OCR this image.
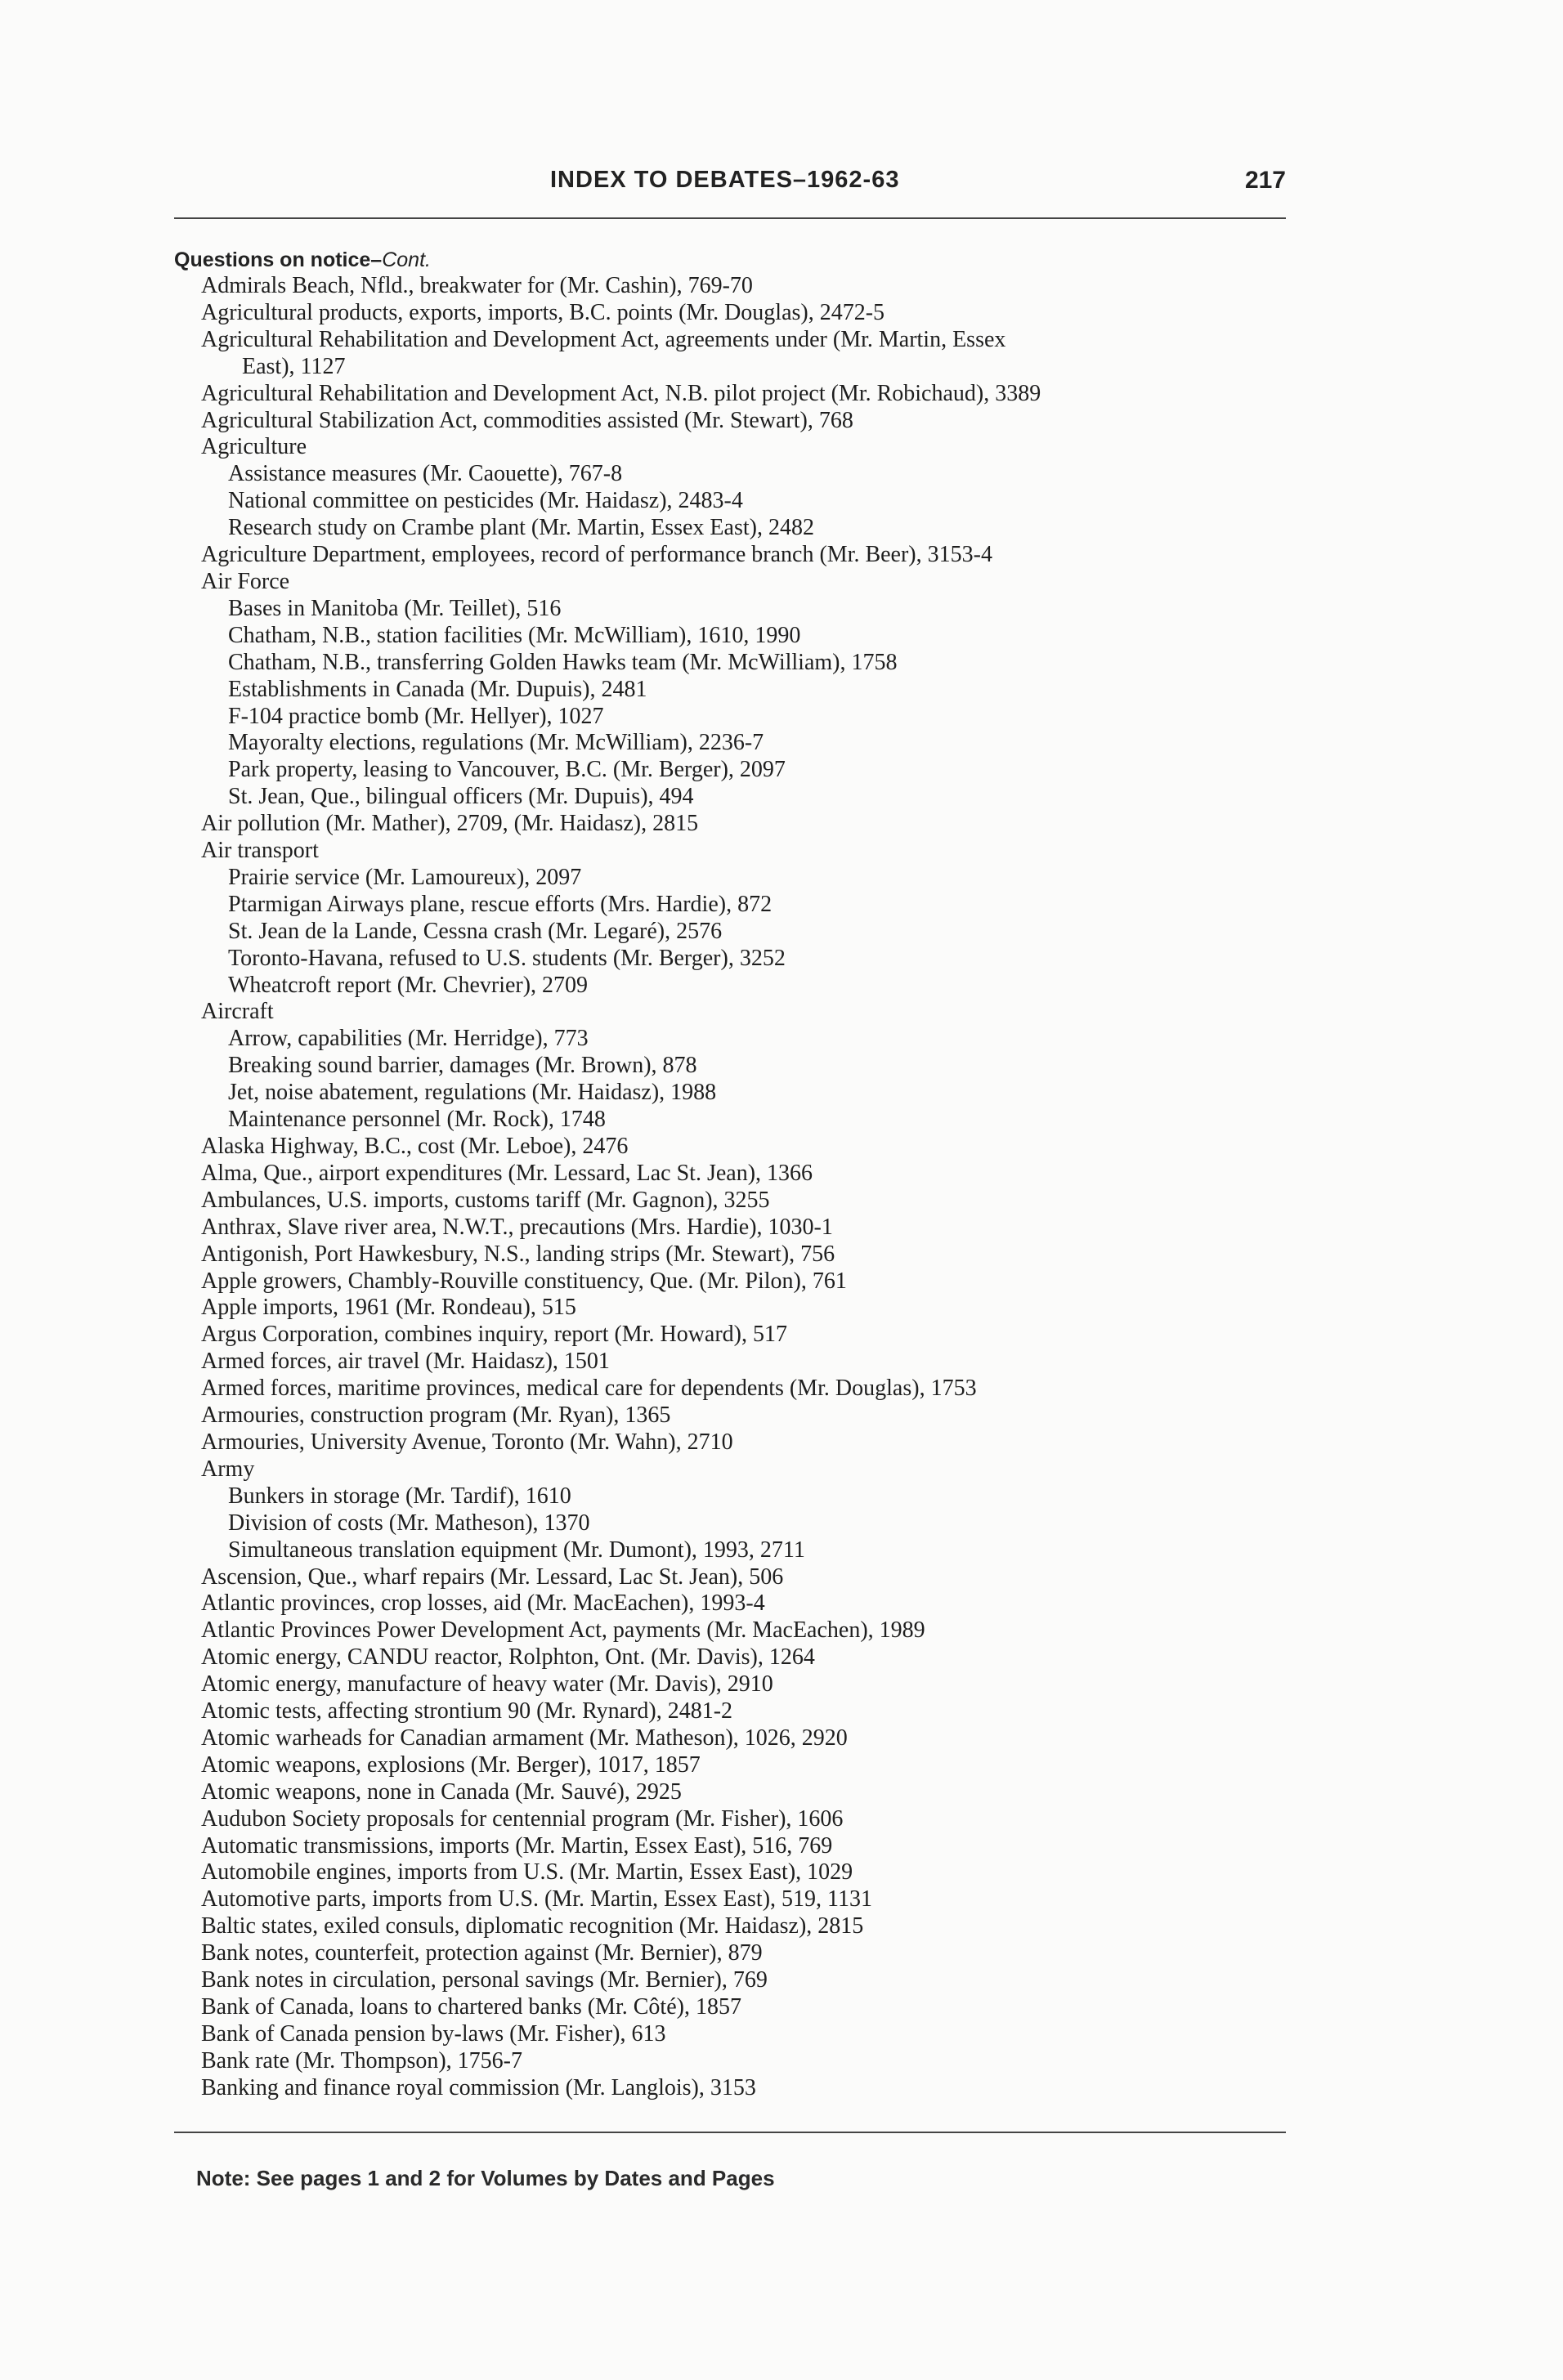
INDEX TO DEBATES–1962-63	217
Questions on notice–Cont.
Admirals Beach, Nfld., breakwater for (Mr. Cashin), 769-70
Agricultural products, exports, imports, B.C. points (Mr. Douglas), 2472-5
Agricultural Rehabilitation and Development Act, agreements under (Mr. Martin, Essex
East), 1127
Agricultural Rehabilitation and Development Act, N.B. pilot project (Mr. Robichaud), 3389
Agricultural Stabilization Act, commodities assisted (Mr. Stewart), 768
Agriculture
Assistance measures (Mr. Caouette), 767-8
National committee on pesticides (Mr. Haidasz), 2483-4
Research study on Crambe plant (Mr. Martin, Essex East), 2482
Agriculture Department, employees, record of performance branch (Mr. Beer), 3153-4
Air Force
Bases in Manitoba (Mr. Teillet), 516
Chatham, N.B., station facilities (Mr. McWilliam), 1610, 1990
Chatham, N.B., transferring Golden Hawks team (Mr. McWilliam), 1758
Establishments in Canada (Mr. Dupuis), 2481
F-104 practice bomb (Mr. Hellyer), 1027
Mayoralty elections, regulations (Mr. McWilliam), 2236-7
Park property, leasing to Vancouver, B.C. (Mr. Berger), 2097
St. Jean, Que., bilingual officers (Mr. Dupuis), 494
Air pollution (Mr. Mather), 2709, (Mr. Haidasz), 2815
Air transport
Prairie service (Mr. Lamoureux), 2097
Ptarmigan Airways plane, rescue efforts (Mrs. Hardie), 872
St. Jean de la Lande, Cessna crash (Mr. Legaré), 2576
Toronto-Havana, refused to U.S. students (Mr. Berger), 3252
Wheatcroft report (Mr. Chevrier), 2709
Aircraft
Arrow, capabilities (Mr. Herridge), 773
Breaking sound barrier, damages (Mr. Brown), 878
Jet, noise abatement, regulations (Mr. Haidasz), 1988
Maintenance personnel (Mr. Rock), 1748
Alaska Highway, B.C., cost (Mr. Leboe), 2476
Alma, Que., airport expenditures (Mr. Lessard, Lac St. Jean), 1366
Ambulances, U.S. imports, customs tariff (Mr. Gagnon), 3255
Anthrax, Slave river area, N.W.T., precautions (Mrs. Hardie), 1030-1
Antigonish, Port Hawkesbury, N.S., landing strips (Mr. Stewart), 756
Apple growers, Chambly-Rouville constituency, Que. (Mr. Pilon), 761
Apple imports, 1961 (Mr. Rondeau), 515
Argus Corporation, combines inquiry, report (Mr. Howard), 517
Armed forces, air travel (Mr. Haidasz), 1501
Armed forces, maritime provinces, medical care for dependents (Mr. Douglas), 1753
Armouries, construction program (Mr. Ryan), 1365
Armouries, University Avenue, Toronto (Mr. Wahn), 2710
Army
Bunkers in storage (Mr. Tardif), 1610
Division of costs (Mr. Matheson), 1370
Simultaneous translation equipment (Mr. Dumont), 1993, 2711
Ascension, Que., wharf repairs (Mr. Lessard, Lac St. Jean), 506
Atlantic provinces, crop losses, aid (Mr. MacEachen), 1993-4
Atlantic Provinces Power Development Act, payments (Mr. MacEachen), 1989
Atomic energy, CANDU reactor, Rolphton, Ont. (Mr. Davis), 1264
Atomic energy, manufacture of heavy water (Mr. Davis), 2910
Atomic tests, affecting strontium 90 (Mr. Rynard), 2481-2
Atomic warheads for Canadian armament (Mr. Matheson), 1026, 2920
Atomic weapons, explosions (Mr. Berger), 1017, 1857
Atomic weapons, none in Canada (Mr. Sauvé), 2925
Audubon Society proposals for centennial program (Mr. Fisher), 1606
Automatic transmissions, imports (Mr. Martin, Essex East), 516, 769
Automobile engines, imports from U.S. (Mr. Martin, Essex East), 1029
Automotive parts, imports from U.S. (Mr. Martin, Essex East), 519, 1131
Baltic states, exiled consuls, diplomatic recognition (Mr. Haidasz), 2815
Bank notes, counterfeit, protection against (Mr. Bernier), 879
Bank notes in circulation, personal savings (Mr. Bernier), 769
Bank of Canada, loans to chartered banks (Mr. Côté), 1857
Bank of Canada pension by-laws (Mr. Fisher), 613
Bank rate (Mr. Thompson), 1756-7
Banking and finance royal commission (Mr. Langlois), 3153
Note: See pages 1 and 2 for Volumes by Dates and Pages
